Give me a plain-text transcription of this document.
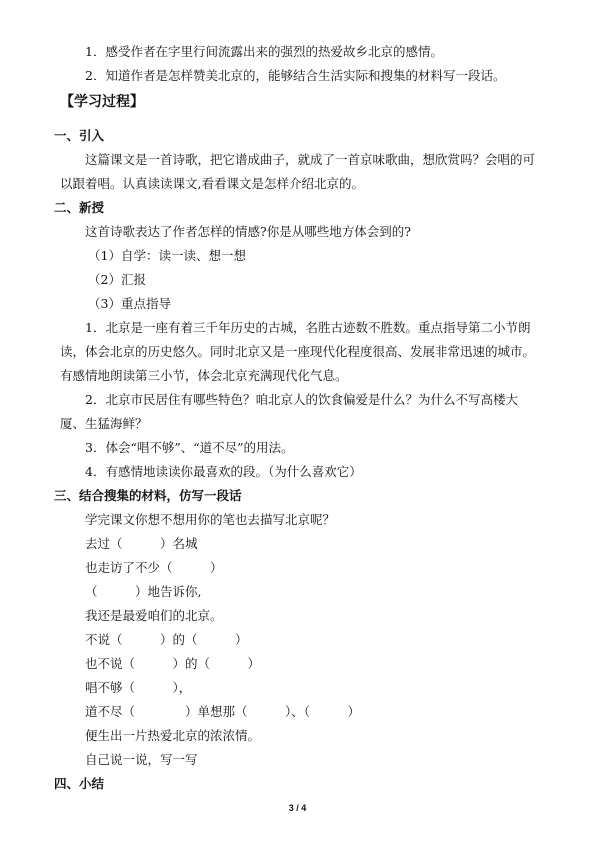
1．感受作者在字里行间流露出来的强烈的热爱故乡北京的感情。

2．知道作者是怎样赞美北京的，能够结合生活实际和搜集的材料写一段话。

【学习过程】

一、引入

这篇课文是一首诗歌，把它谱成曲子，就成了一首京味歌曲，想欣赏吗？会唱的可以跟着唱。认真读读课文,看看课文是怎样介绍北京的。

二、新授

这首诗歌表达了作者怎样的情感?你是从哪些地方体会到的?

（1）自学：读一读、想一想

（2）汇报

（3）重点指导

1．北京是一座有着三千年历史的古城，名胜古迹数不胜数。重点指导第二小节朗读，体会北京的历史悠久。同时北京又是一座现代化程度很高、发展非常迅速的城市。有感情地朗读第三小节，体会北京充满现代化气息。

2．北京市民居住有哪些特色？咱北京人的饮食偏爱是什么？为什么不写高楼大厦、生猛海鲜？

3．体会“唱不够”、“道不尽”的用法。

4．有感情地读读你最喜欢的段。（为什么喜欢它）

三、结合搜集的材料，仿写一段话

学完课文你想不想用你的笔也去描写北京呢？

去过（　　　）名城

也走访了不少（　　　）

（　　　）地告诉你,

我还是最爱咱们的北京。

不说（　　　）的（　　　）

也不说（　　　）的（　　　）

唱不够（　　　），

道不尽（　　　　）单想那（　　　）、（　　　）

便生出一片热爱北京的浓浓情。

自己说一说，写一写

四、小结

3 / 4
